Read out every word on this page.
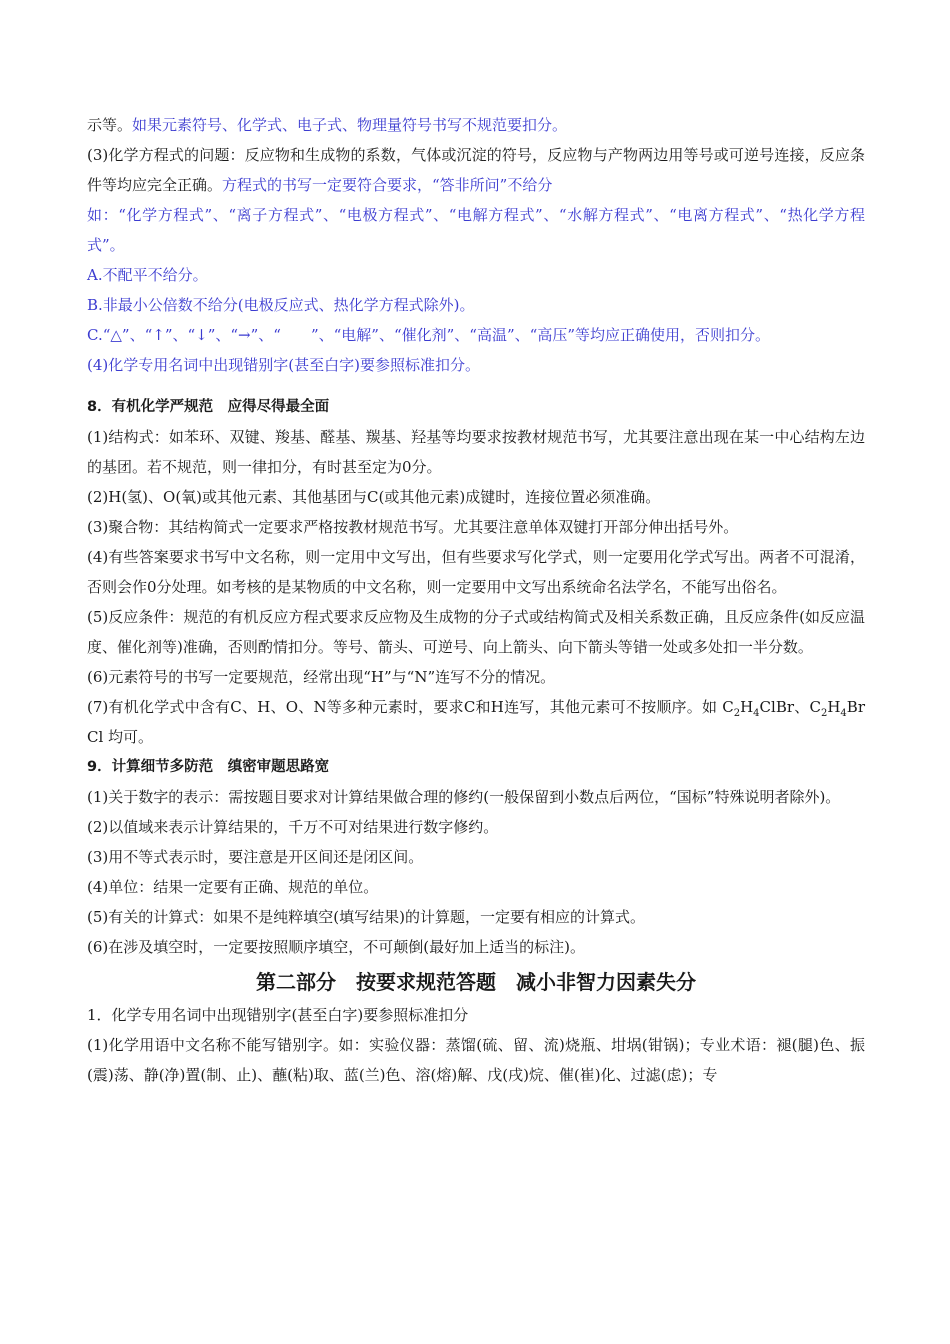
示等。如果元素符号、化学式、电子式、物理量符号书写不规范要扣分。

(3)化学方程式的问题：反应物和生成物的系数，气体或沉淀的符号，反应物与产物两边用等号或可逆号连接，反应条件等均应完全正确。方程式的书写一定要符合要求，“答非所问”不给分

如：“化学方程式”、“离子方程式”、“电极方程式”、“电解方程式”、“水解方程式”、“电离方程式”、“热化学方程式”。

A.不配平不给分。

B.非最小公倍数不给分(电极反应式、热化学方程式除外)。

C.“△”、“↑”、“↓”、“→”、“　　”、“电解”、“催化剂”、“高温”、“高压”等均应正确使用，否则扣分。

(4)化学专用名词中出现错别字(甚至白字)要参照标准扣分。

8．有机化学严规范　应得尽得最全面

(1)结构式：如苯环、双键、羧基、醛基、羰基、羟基等均要求按教材规范书写，尤其要注意出现在某一中心结构左边的基团。若不规范，则一律扣分，有时甚至定为0分。

(2)H(氢)、O(氧)或其他元素、其他基团与C(或其他元素)成键时，连接位置必须准确。

(3)聚合物：其结构简式一定要求严格按教材规范书写。尤其要注意单体双键打开部分伸出括号外。

(4)有些答案要求书写中文名称，则一定用中文写出，但有些要求写化学式，则一定要用化学式写出。两者不可混淆，否则会作0分处理。如考核的是某物质的中文名称，则一定要用中文写出系统命名法学名，不能写出俗名。

(5)反应条件：规范的有机反应方程式要求反应物及生成物的分子式或结构简式及相关系数正确，且反应条件(如反应温度、催化剂等)准确，否则酌情扣分。等号、箭头、可逆号、向上箭头、向下箭头等错一处或多处扣一半分数。

(6)元素符号的书写一定要规范，经常出现“H”与“N”连写不分的情况。

(7)有机化学式中含有C、H、O、N等多种元素时，要求C和H连写，其他元素可不按顺序。如 $C_2H_4ClBr$、$C_2H_4BrCl$ 均可。

9．计算细节多防范　缜密审题思路宽

(1)关于数字的表示：需按题目要求对计算结果做合理的修约(一般保留到小数点后两位，“国标”特殊说明者除外)。

(2)以值域来表示计算结果的，千万不可对结果进行数字修约。

(3)用不等式表示时，要注意是开区间还是闭区间。

(4)单位：结果一定要有正确、规范的单位。

(5)有关的计算式：如果不是纯粹填空(填写结果)的计算题，一定要有相应的计算式。

(6)在涉及填空时，一定要按照顺序填空，不可颠倒(最好加上适当的标注)。

第二部分　按要求规范答题　减小非智力因素失分

1．化学专用名词中出现错别字(甚至白字)要参照标准扣分

(1)化学用语中文名称不能写错别字。如：实验仪器：蒸馏(硫、留、流)烧瓶、坩埚(钳锅)；专业术语：褪(腿)色、振(震)荡、静(净)置(制、止)、蘸(粘)取、蓝(兰)色、溶(熔)解、戊(戌)烷、催(崔)化、过滤(虑)；专
